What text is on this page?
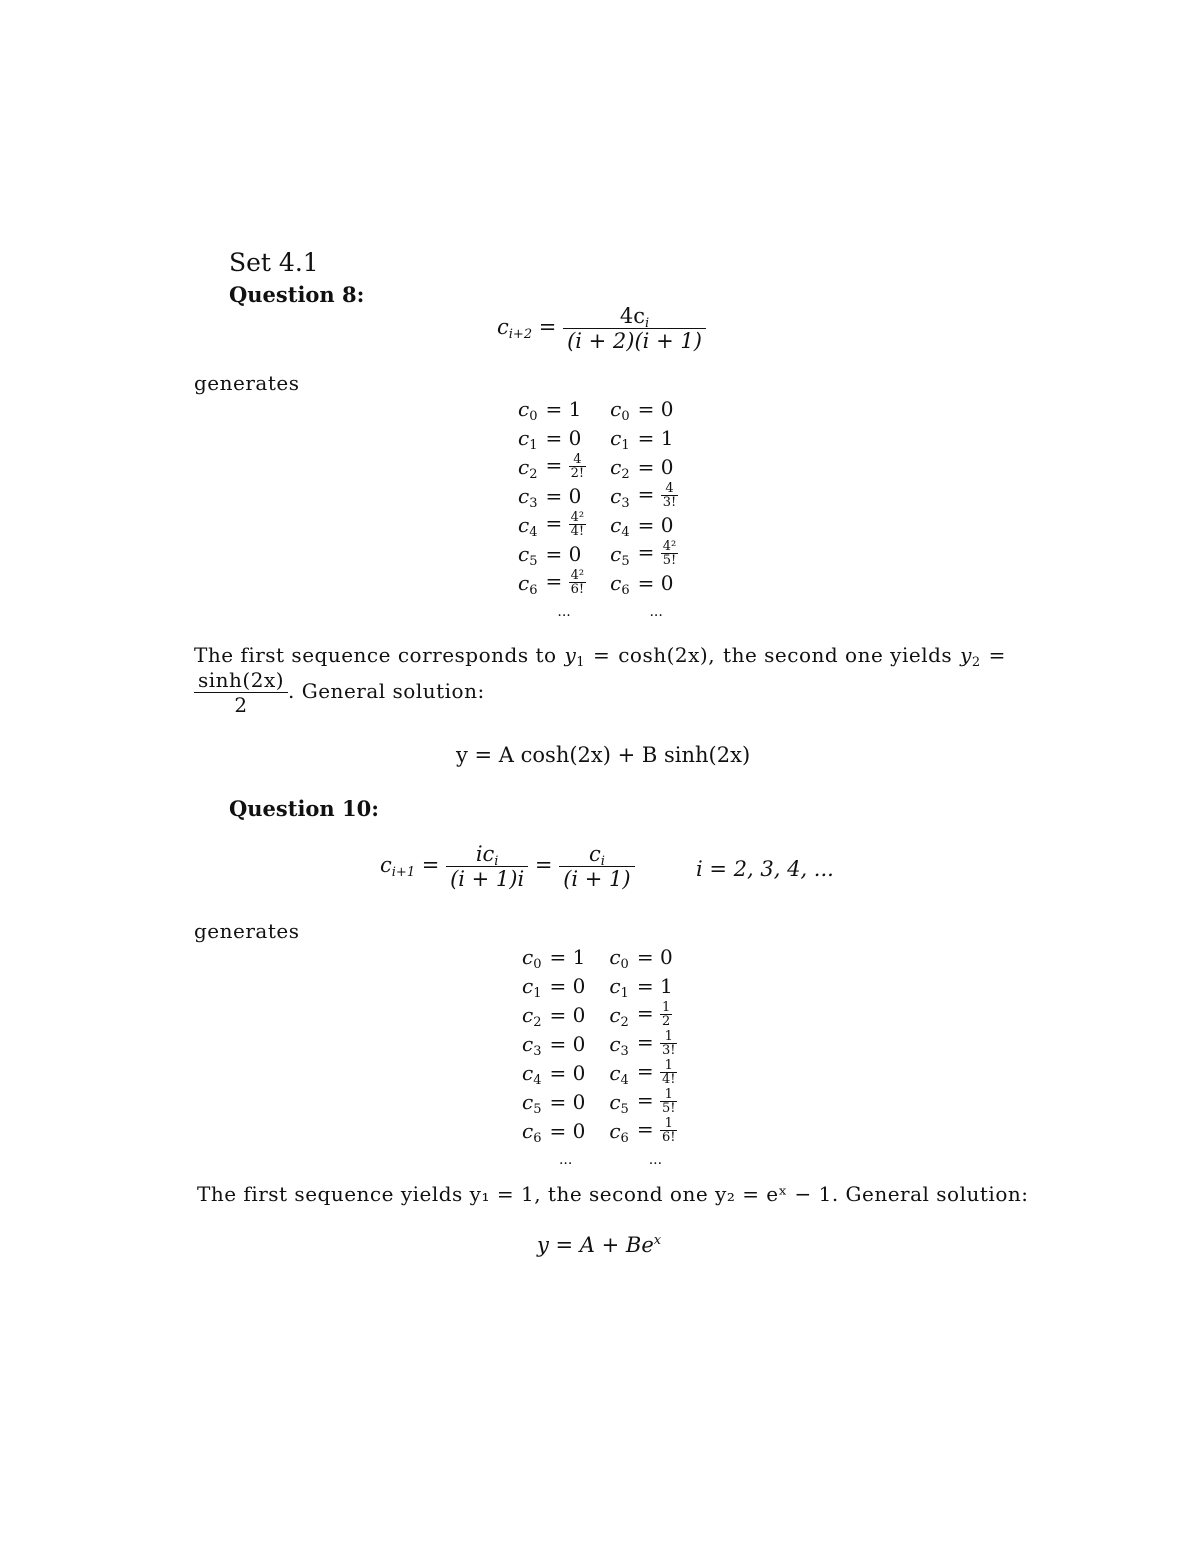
Set 4.1
Question 8:
$c_{i+2} = \frac{4c_i}{(i + 2)(i + 1)}$
generates
$c_0$	= 1	$c_0$	= 0
$c_1$	= 0	$c_1$	= 1
$c_2$	= $\frac{4}{2!}$	$c_2$	= 0
$c_3$	= 0	$c_3$	= $\frac{4}{3!}$

$c_4$	= $\frac{\text{4²}}{4!}$	$c_4$	= 0
$c_5$	= 0	$c_5$	= $\frac{\text{4²}}{5!}$

$c_6$	= $\frac{\text{4²}}{6!}$	$c_6$	= 0
...		...	
The first sequence corresponds to $y_1 = \cosh(2x)$, the second one yields $y_2$ =
$\frac{\sinh(2x)}{2}$ . General solution:
y = A cosh(2x) + B sinh(2x)
Question 10:
$c_{i+1} = \frac{ic_i}{(i + 1)i} = \frac{c_i}{(i + 1)}$	i = 2, 3, 4, ...
generates
$c_0$	= 1	$c_0$	= 0
$c_1$	= 0	$c_1$	= 1
$c_2$	= 0	$c_2$	= $\frac{1}{2}$

$c_3$	= 0	$c_3$	= $\frac{1}{3!}$

$c_4$	= 0	$c_4$	= $\frac{1}{4!}$

$c_5$	= 0	$c_5$	= $\frac{1}{5!}$

$c_6$	= 0	$c_6$	= $\frac{1}{6!}$

...		...	
The first sequence yields y₁ = 1, the second one y₂ = eˣ − 1. General solution:
$y = A + Be^x$
